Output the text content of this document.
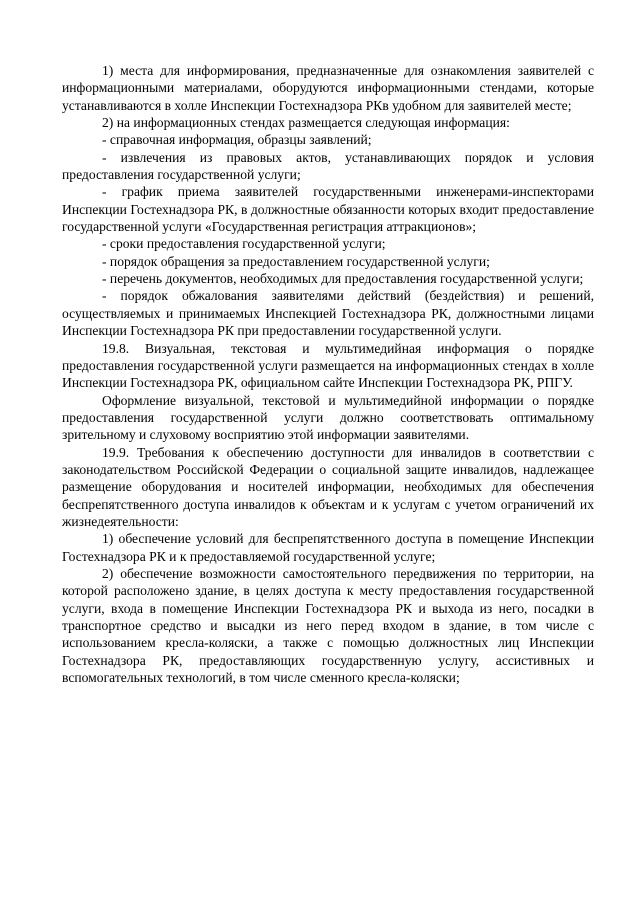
1) места для информирования, предназначенные для ознакомления заявителей с информационными материалами, оборудуются информационными стендами, которые устанавливаются в холле Инспекции Гостехнадзора РКв удобном для заявителей месте;

2) на информационных стендах размещается следующая информация:

- справочная информация, образцы заявлений;

- извлечения из правовых актов, устанавливающих порядок и условия предоставления государственной услуги;

- график приема заявителей государственными инженерами-инспекторами Инспекции Гостехнадзора РК, в должностные обязанности которых входит предоставление государственной услуги «Государственная регистрация аттракционов»;

- сроки предоставления государственной услуги;

- порядок обращения за предоставлением государственной услуги;

- перечень документов, необходимых для предоставления государственной услуги;

- порядок обжалования заявителями действий (бездействия) и решений, осуществляемых и принимаемых Инспекцией Гостехнадзора РК, должностными лицами Инспекции Гостехнадзора РК при предоставлении государственной услуги.

19.8. Визуальная, текстовая и мультимедийная информация о порядке предоставления государственной услуги размещается на информационных стендах в холле Инспекции Гостехнадзора РК, официальном сайте Инспекции Гостехнадзора РК, РПГУ.

Оформление визуальной, текстовой и мультимедийной информации о порядке предоставления государственной услуги должно соответствовать оптимальному зрительному и слуховому восприятию этой информации заявителями.

19.9. Требования к обеспечению доступности для инвалидов в соответствии с законодательством Российской Федерации о социальной защите инвалидов, надлежащее размещение оборудования и носителей информации, необходимых для обеспечения беспрепятственного доступа инвалидов к объектам и к услугам с учетом ограничений их жизнедеятельности:

1) обеспечение условий для беспрепятственного доступа в помещение Инспекции Гостехнадзора РК и к предоставляемой государственной услуге;

2) обеспечение возможности самостоятельного передвижения по территории, на которой расположено здание, в целях доступа к месту предоставления государственной услуги, входа в помещение Инспекции Гостехнадзора РК и выхода из него, посадки в транспортное средство и высадки из него перед входом в здание, в том числе с использованием кресла-коляски, а также с помощью должностных лиц Инспекции Гостехнадзора РК, предоставляющих государственную услугу, ассистивных и вспомогательных технологий, в том числе сменного кресла-коляски;
